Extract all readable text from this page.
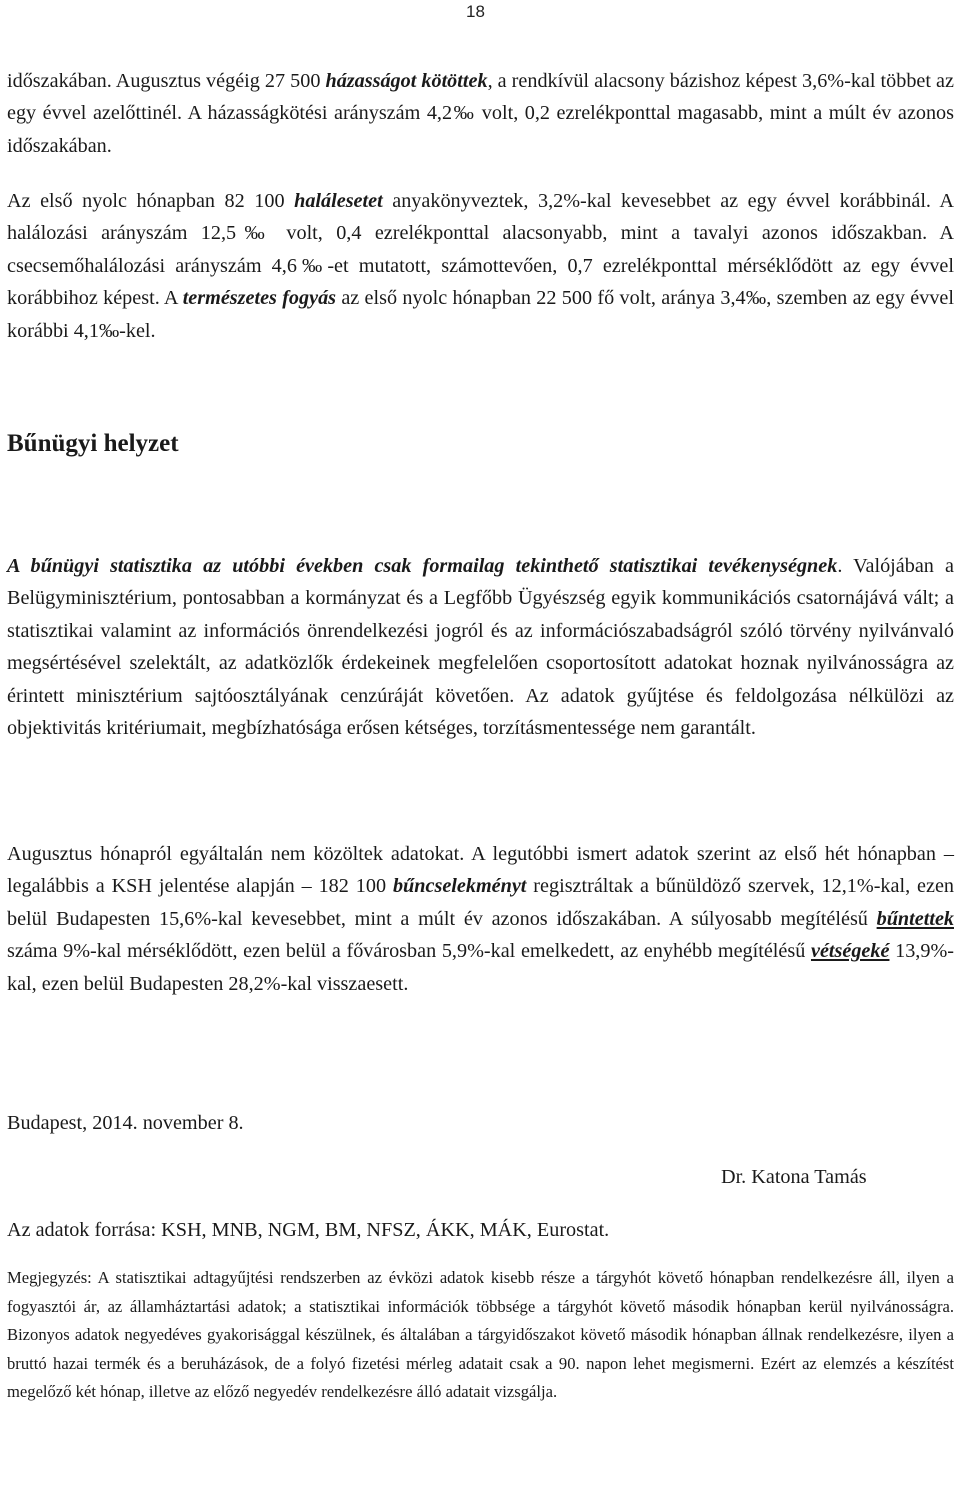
18

időszakában. Augusztus végéig 27 500 házasságot kötöttek, a rendkívül alacsony bázishoz képest 3,6%-kal többet az egy évvel azelőttinél. A házasságkötési arányszám 4,2‰ volt, 0,2 ezrelékponttal magasabb, mint a múlt év azonos időszakában.

Az első nyolc hónapban 82 100 halálesetet anyakönyveztek, 3,2%-kal kevesebbet az egy évvel korábbinál. A halálozási arányszám 12,5‰ volt, 0,4 ezrelékponttal alacsonyabb, mint a tavalyi azonos időszakban. A csecsemőhalálozási arányszám 4,6‰-et mutatott, számottevően, 0,7 ezrelékponttal mérséklődött az egy évvel korábbihoz képest. A természetes fogyás az első nyolc hónapban 22 500 fő volt, aránya 3,4‰, szemben az egy évvel korábbi 4,1‰-kel.

Bűnügyi helyzet

A bűnügyi statisztika az utóbbi években csak formailag tekinthető statisztikai tevékenységnek. Valójában a Belügyminisztérium, pontosabban a kormányzat és a Legfőbb Ügyészség egyik kommunikációs csatornájává vált; a statisztikai valamint az információs önrendelkezési jogról és az információszabadságról szóló törvény nyilvánvaló megsértésével szelektált, az adatközlők érdekeinek megfelelően csoportosított adatokat hoznak nyilvánosságra az érintett minisztérium sajtóosztályának cenzúráját követően. Az adatok gyűjtése és feldolgozása nélkülözi az objektivitás kritériumait, megbízhatósága erősen kétséges, torzításmentessége nem garantált.

Augusztus hónapról egyáltalán nem közöltek adatokat. A legutóbbi ismert adatok szerint az első hét hónapban – legalábbis a KSH jelentése alapján – 182 100 bűncselekményt regisztráltak a bűnüldöző szervek, 12,1%-kal, ezen belül Budapesten 15,6%-kal kevesebbet, mint a múlt év azonos időszakában. A súlyosabb megítélésű bűntettek száma 9%-kal mérséklődött, ezen belül a fővárosban 5,9%-kal emelkedett, az enyhébb megítélésű vétségeké 13,9%-kal, ezen belül Budapesten 28,2%-kal visszaesett.

Budapest, 2014. november 8.
Dr. Katona Tamás
Az adatok forrása: KSH, MNB, NGM, BM, NFSZ, ÁKK, MÁK, Eurostat.

Megjegyzés: A statisztikai adtagyűjtési rendszerben az évközi adatok kisebb része a tárgyhót követő hónapban rendelkezésre áll, ilyen a fogyasztói ár, az államháztartási adatok; a statisztikai információk többsége a tárgyhót követő második hónapban kerül nyilvánosságra. Bizonyos adatok negyedéves gyakorisággal készülnek, és általában a tárgyidőszakot követő második hónapban állnak rendelkezésre, ilyen a bruttó hazai termék és a beruházások, de a folyó fizetési mérleg adatait csak a 90. napon lehet megismerni. Ezért az elemzés a készítést megelőző két hónap, illetve az előző negyedév rendelkezésre álló adatait vizsgálja.
